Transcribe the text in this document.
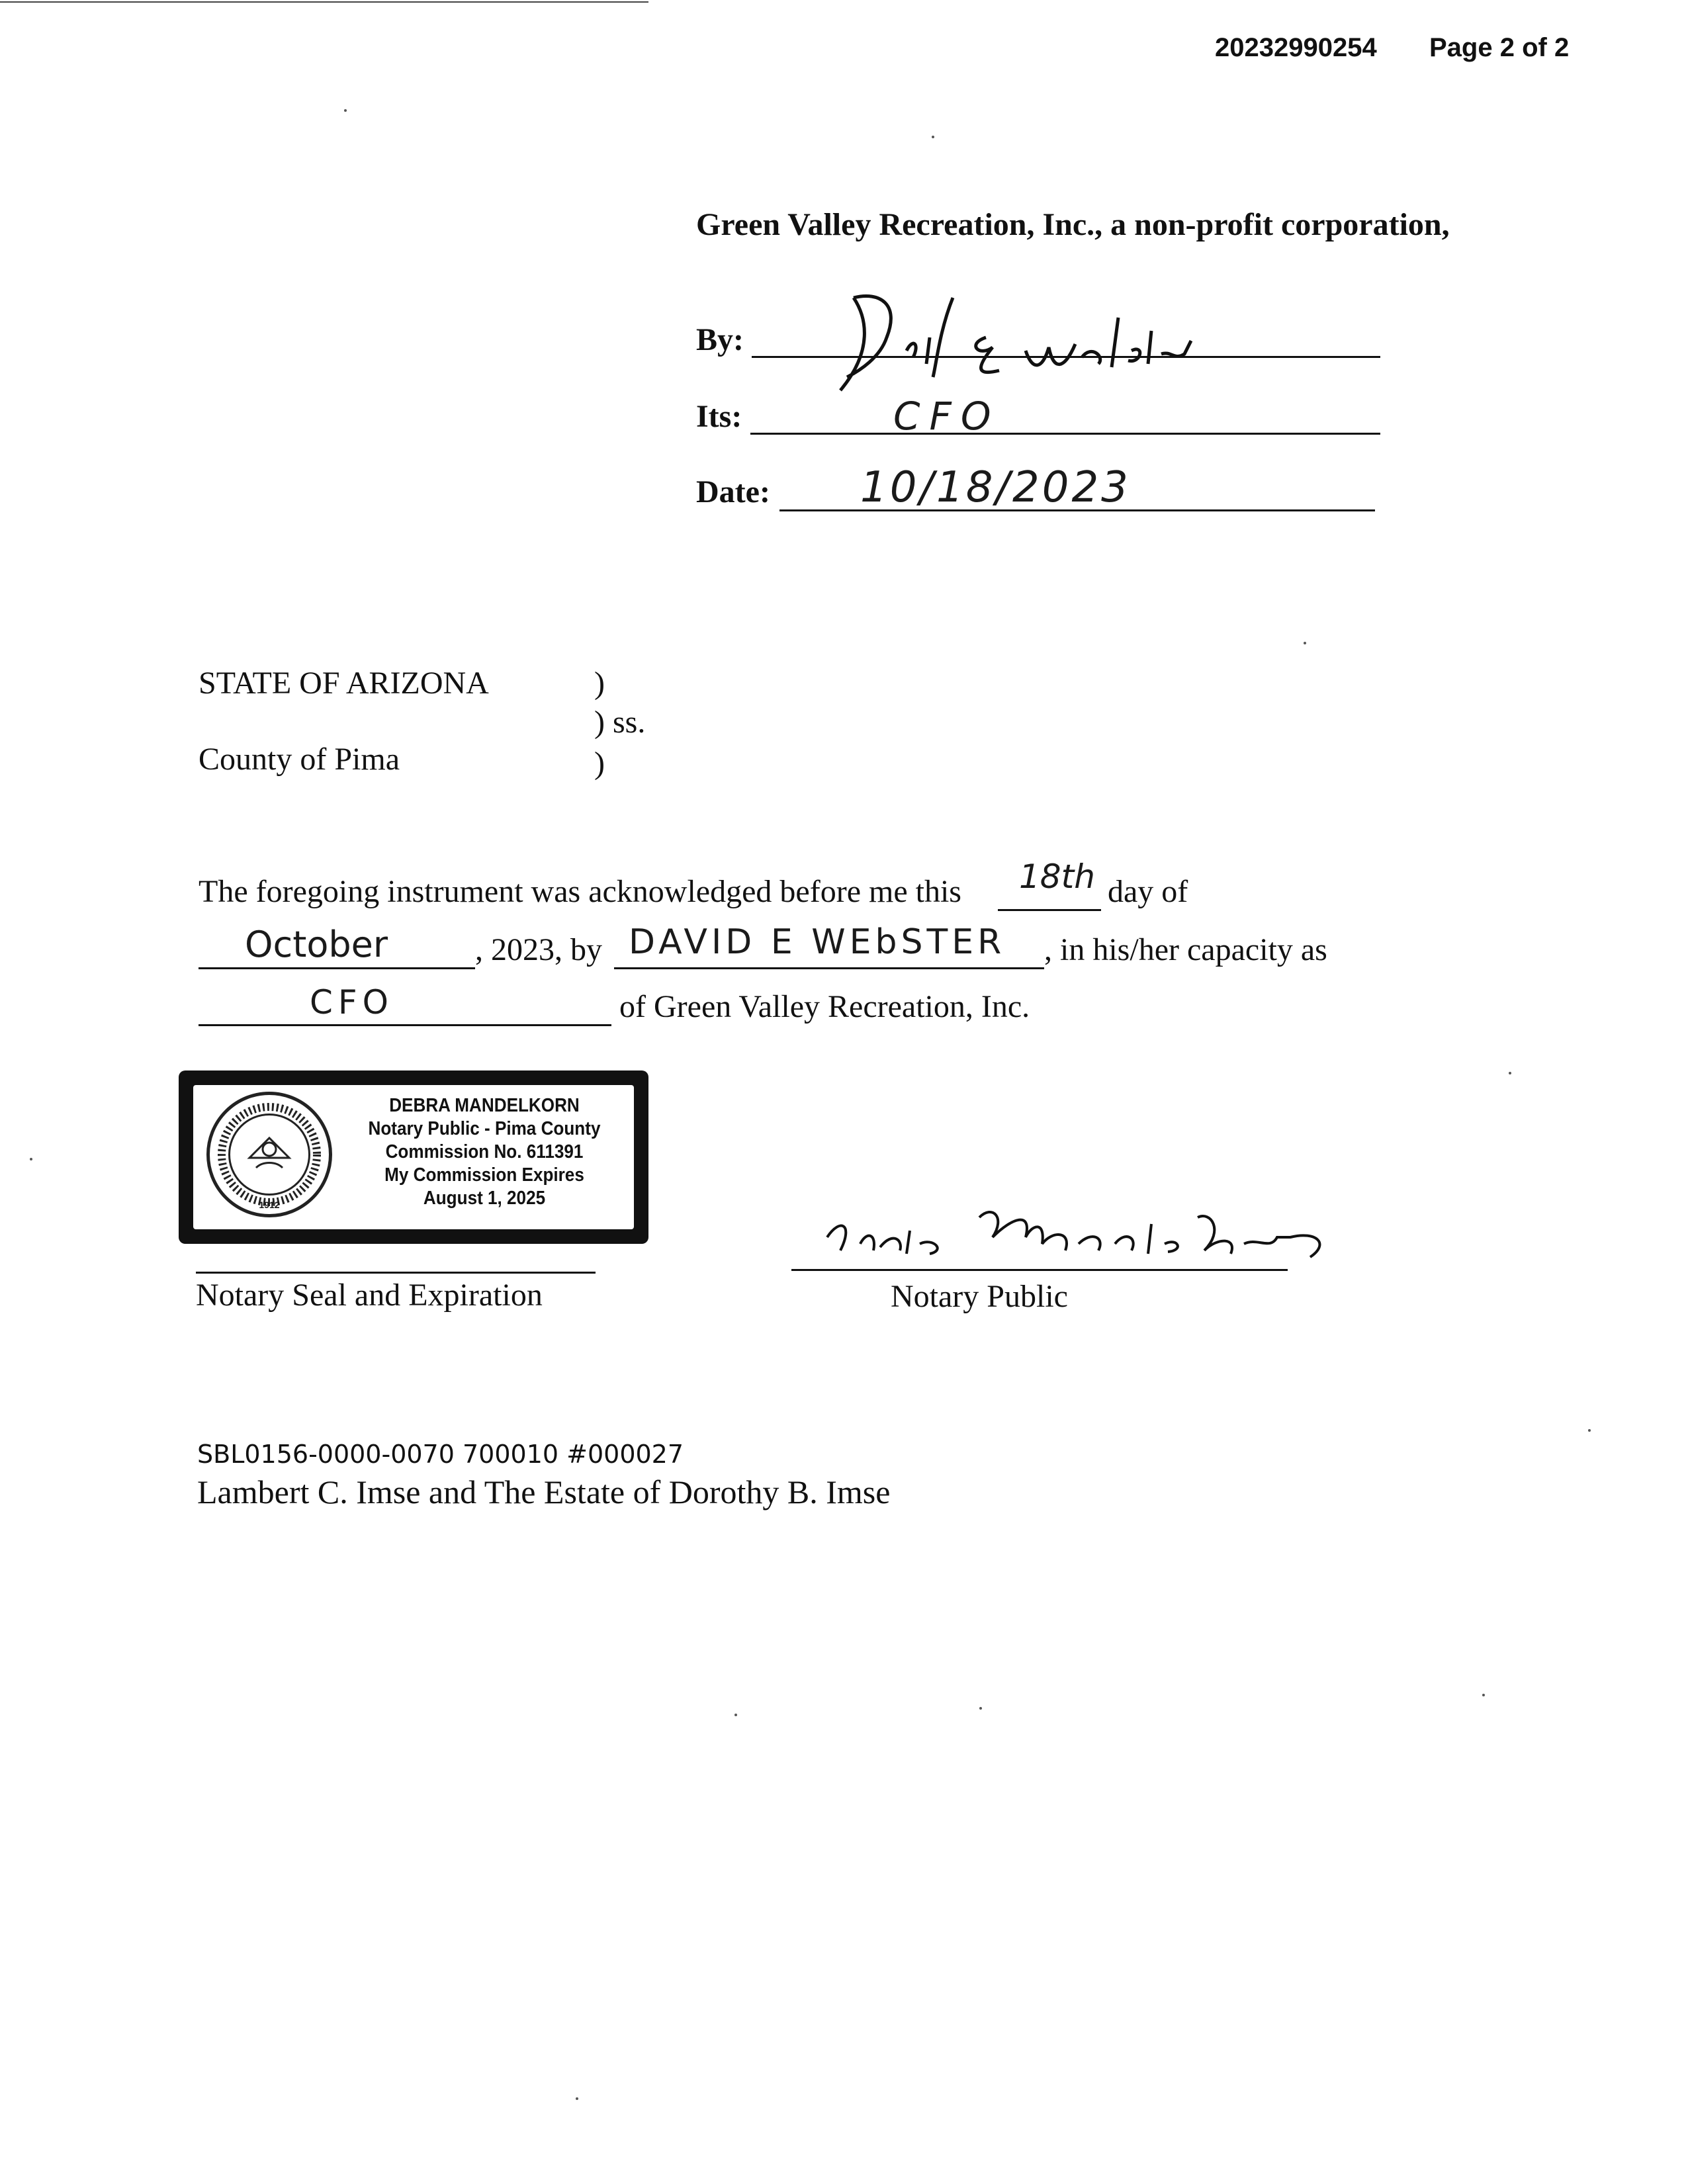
20232990254 Page 2 of 2
Green Valley Recreation, Inc., a non-profit corporation,
By:
Its:	CFO
Date: 10/18/2023
STATE OF ARIZONA	)
) ss.
County of Pima	)
The foregoing instrument was acknowledged before me this 18th day of
October	, 2023, by DAVID E WEbSTER , in his/her capacity as
CFO	of Green Valley Recreation, Inc.
1912
DEBRA MANDELKORN
Notary Public - Pima County
Commission No. 611391
My Commission Expires
August 1, 2025
Notary Seal and Expiration	Notary Public
SBL0156-0000-0070 700010 #000027
Lambert C. Imse and The Estate of Dorothy B. Imse
